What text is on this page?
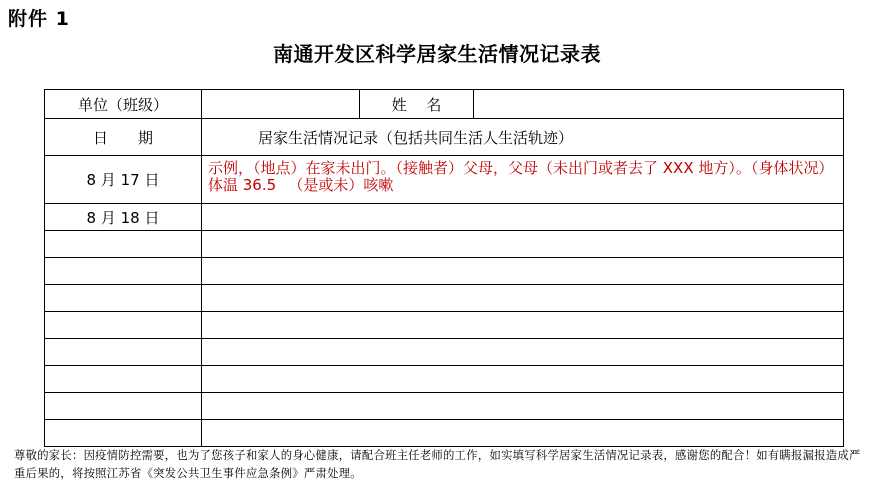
附件 1
南通开发区科学居家生活情况记录表
单位（班级）		姓　 名	
日　　期	居家生活情况记录（包括共同生活人生活轨迹）		
8 月 17 日	示例，（地点）在家未出门。（接触者）父母，父母（未出门或者去了 XXX 地方）。（身体状况）体温 36.5 　（是或未）咳嗽		
8 月 18 日			

尊敬的家长：因疫情防控需要，也为了您孩子和家人的身心健康，请配合班主任老师的工作，如实填写科学居家生活情况记录表，感谢您的配合！如有瞒报漏报造成严重后果的，将按照江苏省《突发公共卫生事件应急条例》严肃处理。
